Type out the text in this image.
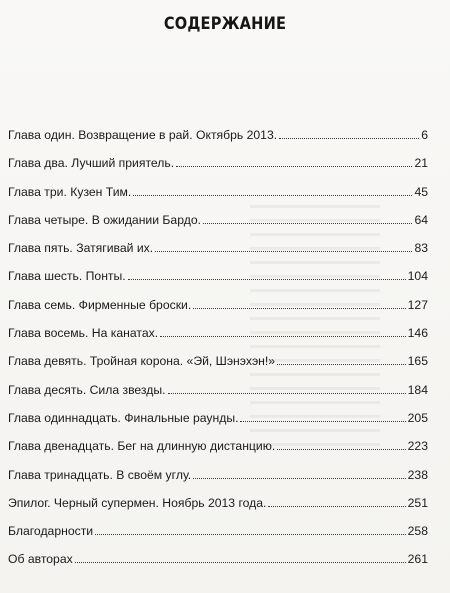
СОДЕРЖАНИЕ
Глава один. Возвращение в рай. Октябрь 2013.	6
Глава два. Лучший приятель.	21
Глава три. Кузен Тим.	45
Глава четыре. В ожидании Бардо.	64
Глава пять. Затягивай их.	83
Глава шесть. Понты.	104
Глава семь. Фирменные броски.	127
Глава восемь. На канатах.	146
Глава девять. Тройная корона. «Эй, Шэнэхэн!»	165
Глава десять. Сила звезды.	184
Глава одиннадцать. Финальные раунды.	205
Глава двенадцать. Бег на длинную дистанцию.	223
Глава тринадцать. В своём углу.	238
Эпилог. Черный супермен. Ноябрь 2013 года.	251
Благодарности	258
Об авторах	261
